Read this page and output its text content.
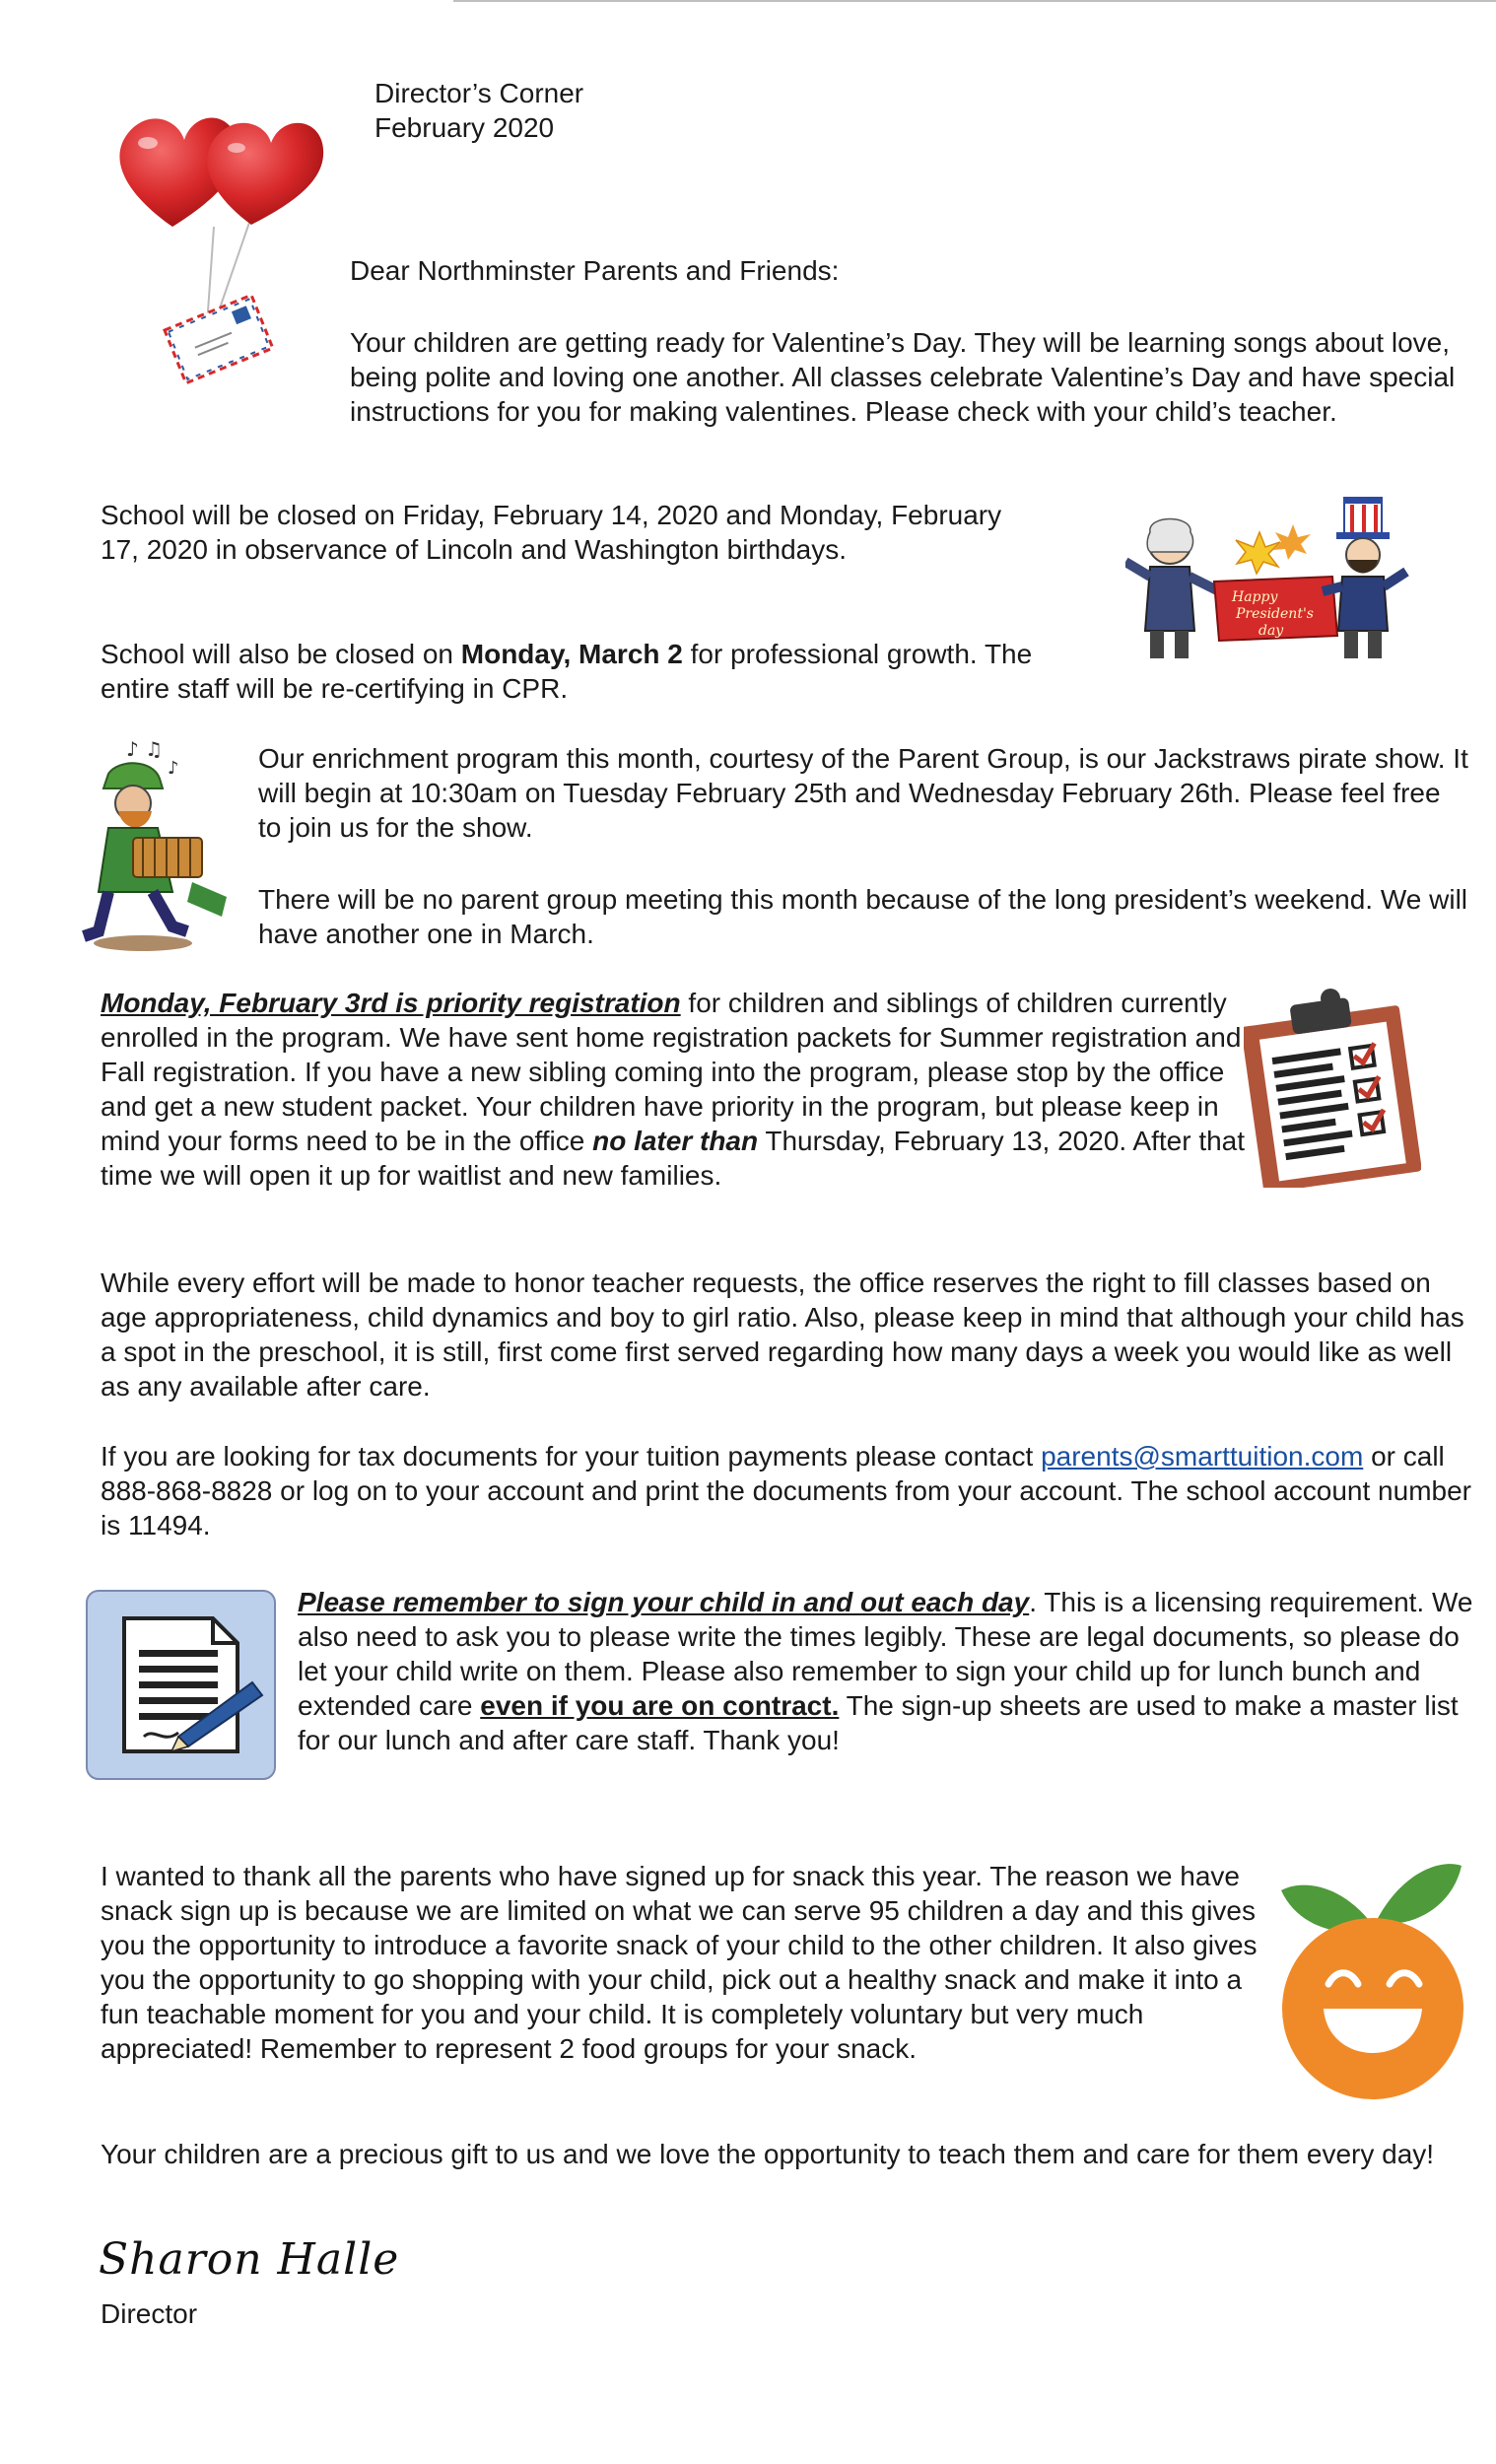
Director’s Corner

February 2020

Dear Northminster Parents and Friends:

Your children are getting ready for Valentine’s Day. They will be learning songs about love, being polite and loving one another. All classes celebrate Valentine’s Day and have special instructions for you for making valentines. Please check with your child’s teacher.

School will be closed on Friday, February 14, 2020 and Monday, February 17, 2020 in observance of Lincoln and Washington birthdays.

School will also be closed on Monday, March 2 for professional growth. The entire staff will be re-certifying in CPR.

Happy President's day
♪ ♫
♪	Our enrichment program this month, courtesy of the Parent Group, is our Jackstraws pirate show. It will begin at 10:30am on Tuesday February 25th and Wednesday February 26th. Please feel free to join us for the show.

There will be no parent group meeting this month because of the long president’s weekend. We will have another one in March.

Monday, February 3rd is priority registration for children and siblings of children currently enrolled in the program. We have sent home registration packets for Summer registration and Fall registration. If you have a new sibling coming into the program, please stop by the office and get a new student packet. Your children have priority in the program, but please keep in mind your forms need to be in the office no later than Thursday, February 13, 2020. After that time we will open it up for waitlist and new families.

While every effort will be made to honor teacher requests, the office reserves the right to fill classes based on age appropriateness, child dynamics and boy to girl ratio. Also, please keep in mind that although your child has a spot in the preschool, it is still, first come first served regarding how many days a week you would like as well as any available after care.

If you are looking for tax documents for your tuition payments please contact parents@smarttuition.com or call 888-868-8828 or log on to your account and print the documents from your account. The school account number is 11494.

Please remember to sign your child in and out each day. This is a licensing requirement. We also need to ask you to please write the times legibly. These are legal documents, so please do let your child write on them. Please also remember to sign your child up for lunch bunch and extended care even if you are on contract. The sign-up sheets are used to make a master list for our lunch and after care staff. Thank you!

I wanted to thank all the parents who have signed up for snack this year. The reason we have snack sign up is because we are limited on what we can serve 95 children a day and this gives you the opportunity to introduce a favorite snack of your child to the other children. It also gives you the opportunity to go shopping with your child, pick out a healthy snack and make it into a fun teachable moment for you and your child. It is completely voluntary but very much appreciated! Remember to represent 2 food groups for your snack.

Your children are a precious gift to us and we love the opportunity to teach them and care for them every day!

Sharon Halle

Director
